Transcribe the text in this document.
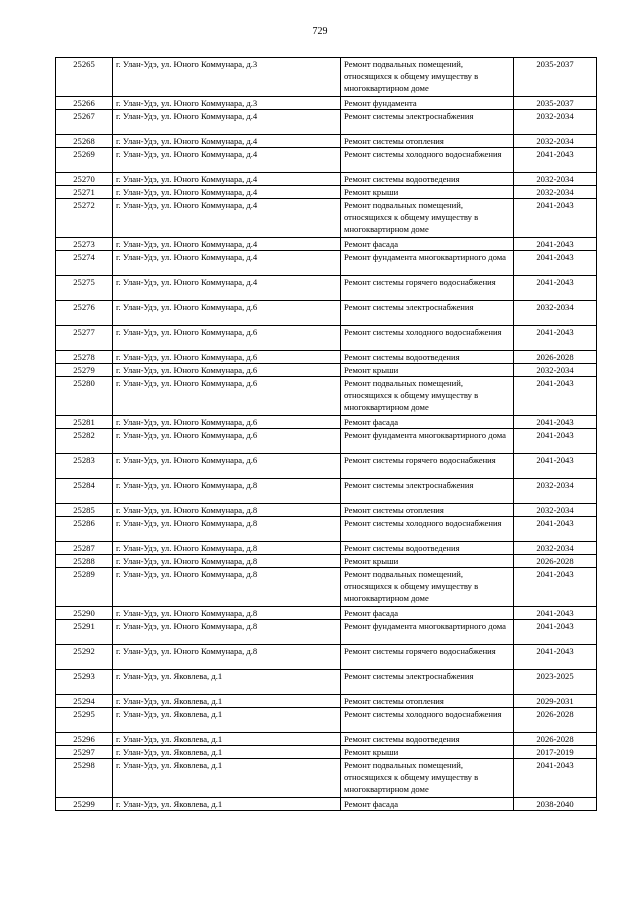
729
25265	г. Улан-Удэ, ул. Юного Коммунара, д.3	Ремонт подвальных помещений, относящихся к общему имуществу в многоквартирном доме	2035-2037
25266	г. Улан-Удэ, ул. Юного Коммунара, д.3	Ремонт фундамента	2035-2037
25267	г. Улан-Удэ, ул. Юного Коммунара, д.4	Ремонт системы электроснабжения	2032-2034
25268	г. Улан-Удэ, ул. Юного Коммунара, д.4	Ремонт системы отопления	2032-2034
25269	г. Улан-Удэ, ул. Юного Коммунара, д.4	Ремонт системы холодного водоснабжения	2041-2043
25270	г. Улан-Удэ, ул. Юного Коммунара, д.4	Ремонт системы водоотведения	2032-2034
25271	г. Улан-Удэ, ул. Юного Коммунара, д.4	Ремонт крыши	2032-2034
25272	г. Улан-Удэ, ул. Юного Коммунара, д.4	Ремонт подвальных помещений, относящихся к общему имуществу в многоквартирном доме	2041-2043
25273	г. Улан-Удэ, ул. Юного Коммунара, д.4	Ремонт фасада	2041-2043
25274	г. Улан-Удэ, ул. Юного Коммунара, д.4	Ремонт фундамента многоквартирного дома	2041-2043
25275	г. Улан-Удэ, ул. Юного Коммунара, д.4	Ремонт системы горячего водоснабжения	2041-2043
25276	г. Улан-Удэ, ул. Юного Коммунара, д.6	Ремонт системы электроснабжения	2032-2034
25277	г. Улан-Удэ, ул. Юного Коммунара, д.6	Ремонт системы холодного водоснабжения	2041-2043
25278	г. Улан-Удэ, ул. Юного Коммунара, д.6	Ремонт системы водоотведения	2026-2028
25279	г. Улан-Удэ, ул. Юного Коммунара, д.6	Ремонт крыши	2032-2034
25280	г. Улан-Удэ, ул. Юного Коммунара, д.6	Ремонт подвальных помещений, относящихся к общему имуществу в многоквартирном доме	2041-2043
25281	г. Улан-Удэ, ул. Юного Коммунара, д.6	Ремонт фасада	2041-2043
25282	г. Улан-Удэ, ул. Юного Коммунара, д.6	Ремонт фундамента многоквартирного дома	2041-2043
25283	г. Улан-Удэ, ул. Юного Коммунара, д.6	Ремонт системы горячего водоснабжения	2041-2043
25284	г. Улан-Удэ, ул. Юного Коммунара, д.8	Ремонт системы электроснабжения	2032-2034
25285	г. Улан-Удэ, ул. Юного Коммунара, д.8	Ремонт системы отопления	2032-2034
25286	г. Улан-Удэ, ул. Юного Коммунара, д.8	Ремонт системы холодного водоснабжения	2041-2043
25287	г. Улан-Удэ, ул. Юного Коммунара, д.8	Ремонт системы водоотведения	2032-2034
25288	г. Улан-Удэ, ул. Юного Коммунара, д.8	Ремонт крыши	2026-2028
25289	г. Улан-Удэ, ул. Юного Коммунара, д.8	Ремонт подвальных помещений, относящихся к общему имуществу в многоквартирном доме	2041-2043
25290	г. Улан-Удэ, ул. Юного Коммунара, д.8	Ремонт фасада	2041-2043
25291	г. Улан-Удэ, ул. Юного Коммунара, д.8	Ремонт фундамента многоквартирного дома	2041-2043
25292	г. Улан-Удэ, ул. Юного Коммунара, д.8	Ремонт системы горячего водоснабжения	2041-2043
25293	г. Улан-Удэ, ул. Яковлева, д.1	Ремонт системы электроснабжения	2023-2025
25294	г. Улан-Удэ, ул. Яковлева, д.1	Ремонт системы отопления	2029-2031
25295	г. Улан-Удэ, ул. Яковлева, д.1	Ремонт системы холодного водоснабжения	2026-2028
25296	г. Улан-Удэ, ул. Яковлева, д.1	Ремонт системы водоотведения	2026-2028
25297	г. Улан-Удэ, ул. Яковлева, д.1	Ремонт крыши	2017-2019
25298	г. Улан-Удэ, ул. Яковлева, д.1	Ремонт подвальных помещений, относящихся к общему имуществу в многоквартирном доме	2041-2043
25299	г. Улан-Удэ, ул. Яковлева, д.1	Ремонт фасада	2038-2040
